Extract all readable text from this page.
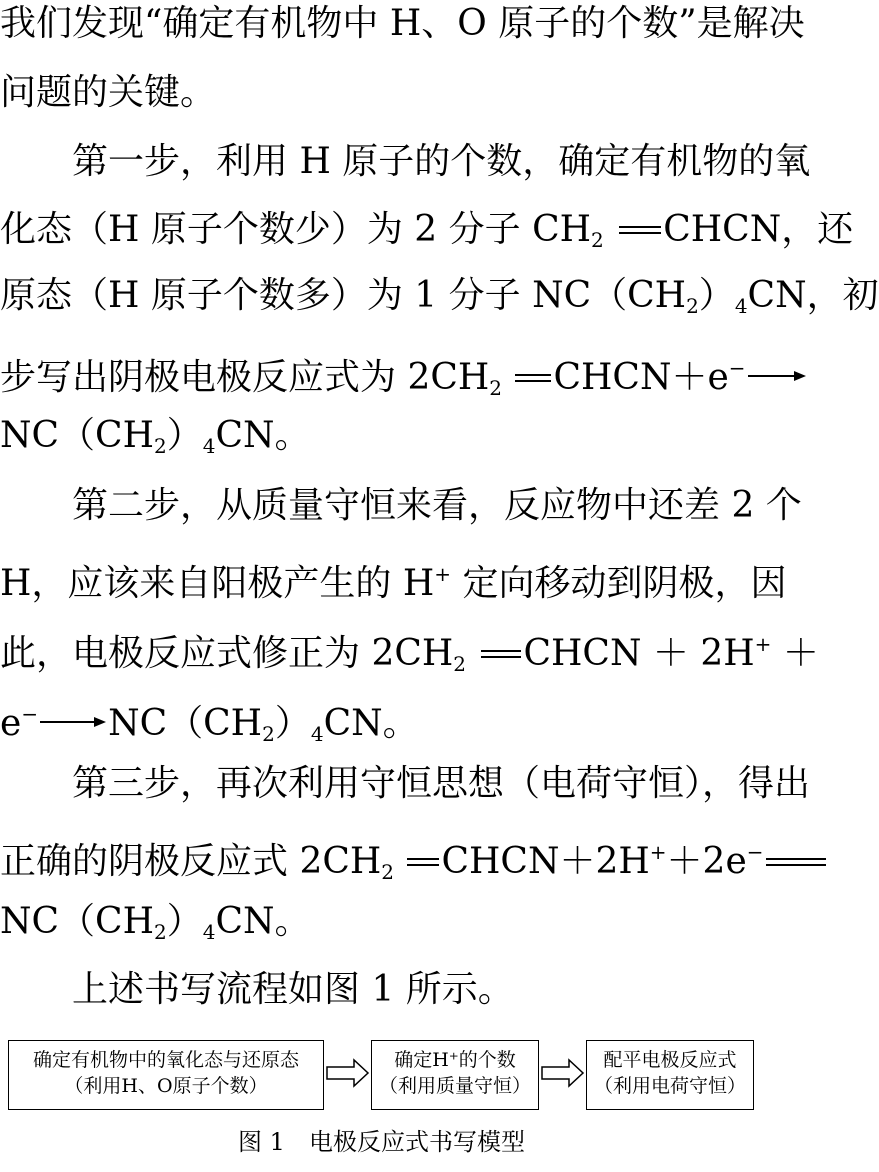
我们发现“确定有机物中 H、O 原子的个数”是解决
问题的关键。
第一步，利用 H 原子的个数，确定有机物的氧
化态（H 原子个数少）为 2 分子 $CH_2$ CHCN，还
原态（H 原子个数多）为 1 分子 $NC(CH_2)_4CN$，初
步写出阴极电极反应式为 $2CH_2$ CHCN＋e−→
$NC(CH_2)_4CN$。
第二步，从质量守恒来看，反应物中还差 2 个
H，应该来自阳极产生的 H+ 定向移动到阴极，因
此，电极反应式修正为 $2CH_2$ CHCN ＋ 2H+ ＋
$e^-\to NC(CH_2)_4CN$。
第三步，再次利用守恒思想（电荷守恒），得出
正确的阴极反应式 $2CH_2$ CHCN＋2H+＋2e−
$NC(CH_2)_4CN$。
上述书写流程如图 1 所示。
确定有机物中的氧化态与还原态
（利用H、O原子个数）
确定H⁺的个数
（利用质量守恒）
配平电极反应式
（利用电荷守恒）
图 1　电极反应式书写模型
